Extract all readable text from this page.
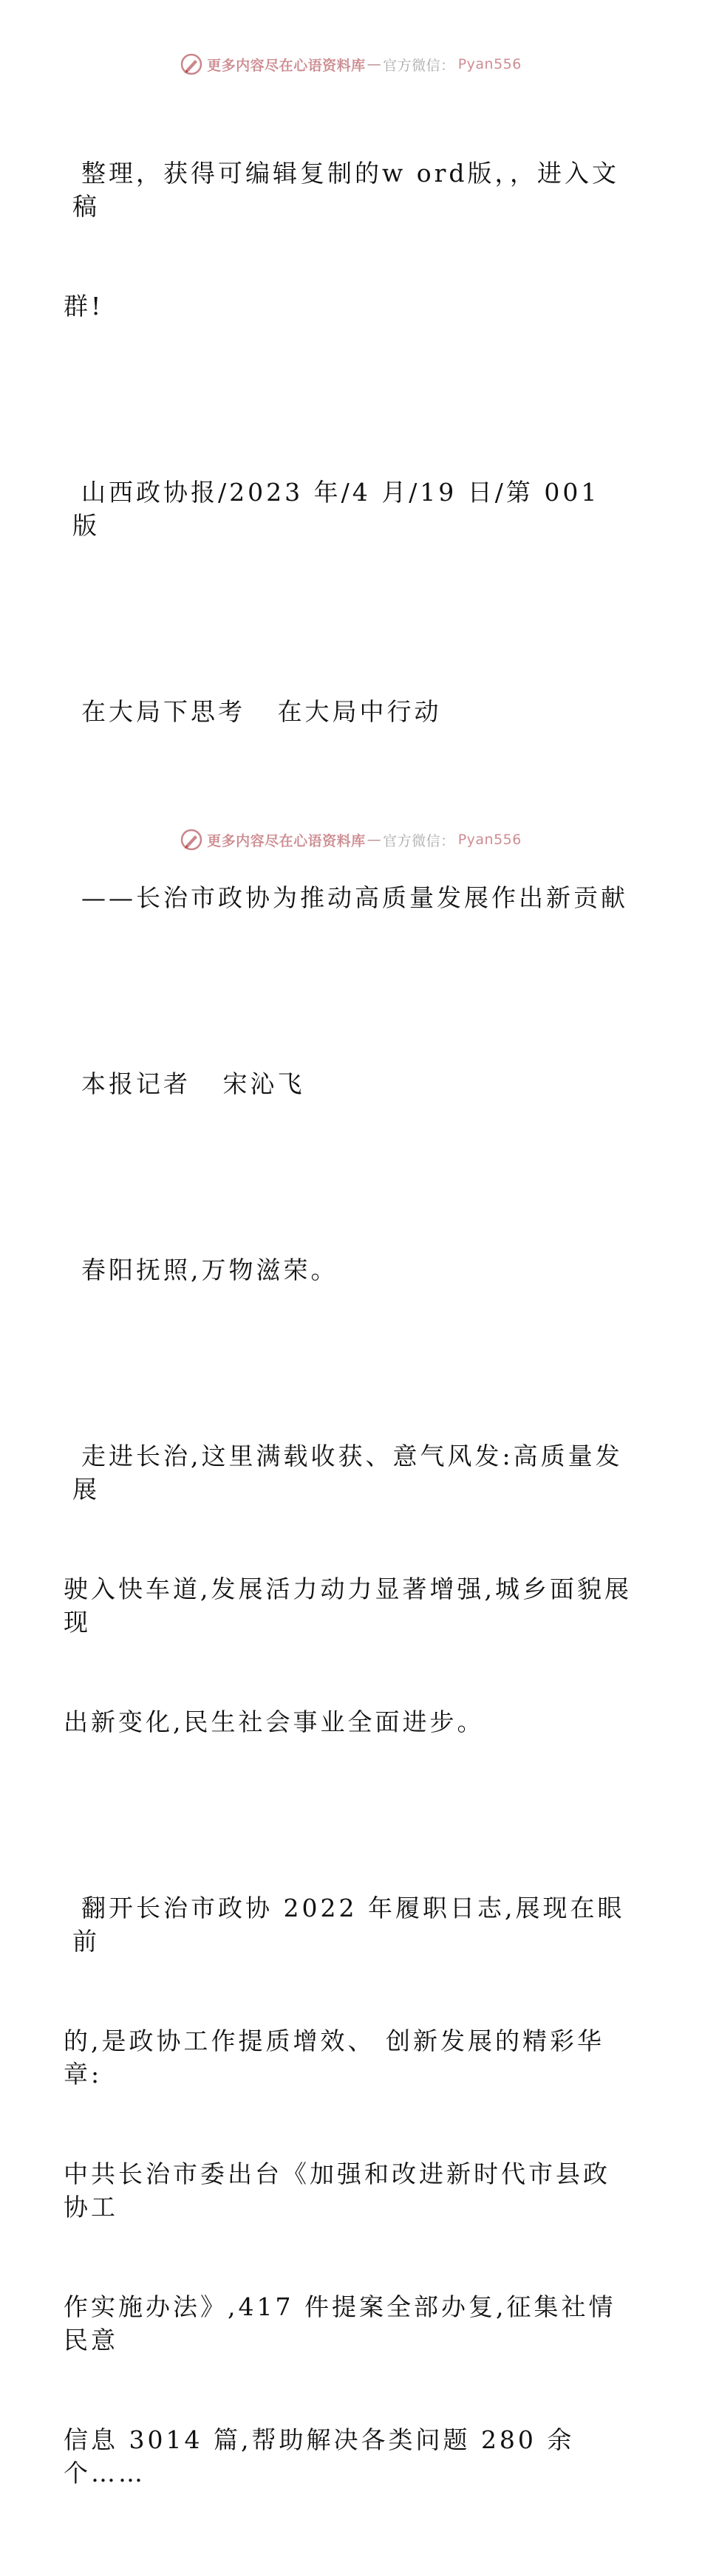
更多内容尽在心语资料库 — 官方微信： Pyan556

整理，获得可编辑复制的w ord版，，进入文稿

群!

山西政协报/2023 年/4 月/19 日/第 001 版

在大局下思考   在大局中行动

——长治市政协为推动高质量发展作出新贡献

本报记者   宋沁飞

春阳抚照,万物滋荣。

走进长治,这里满载收获、意气风发:高质量发展

驶入快车道,发展活力动力显著增强,城乡面貌展现

出新变化,民生社会事业全面进步。

翻开长治市政协 2022 年履职日志,展现在眼前

的,是政协工作提质增效、 创新发展的精彩华章:

中共长治市委出台《加强和改进新时代市县政协工

作实施办法》,417 件提案全部办复,征集社情民意

信息 3014 篇,帮助解决各类问题 280 余个……

更多内容尽在心语资料库 — 官方微信： Pyan556
